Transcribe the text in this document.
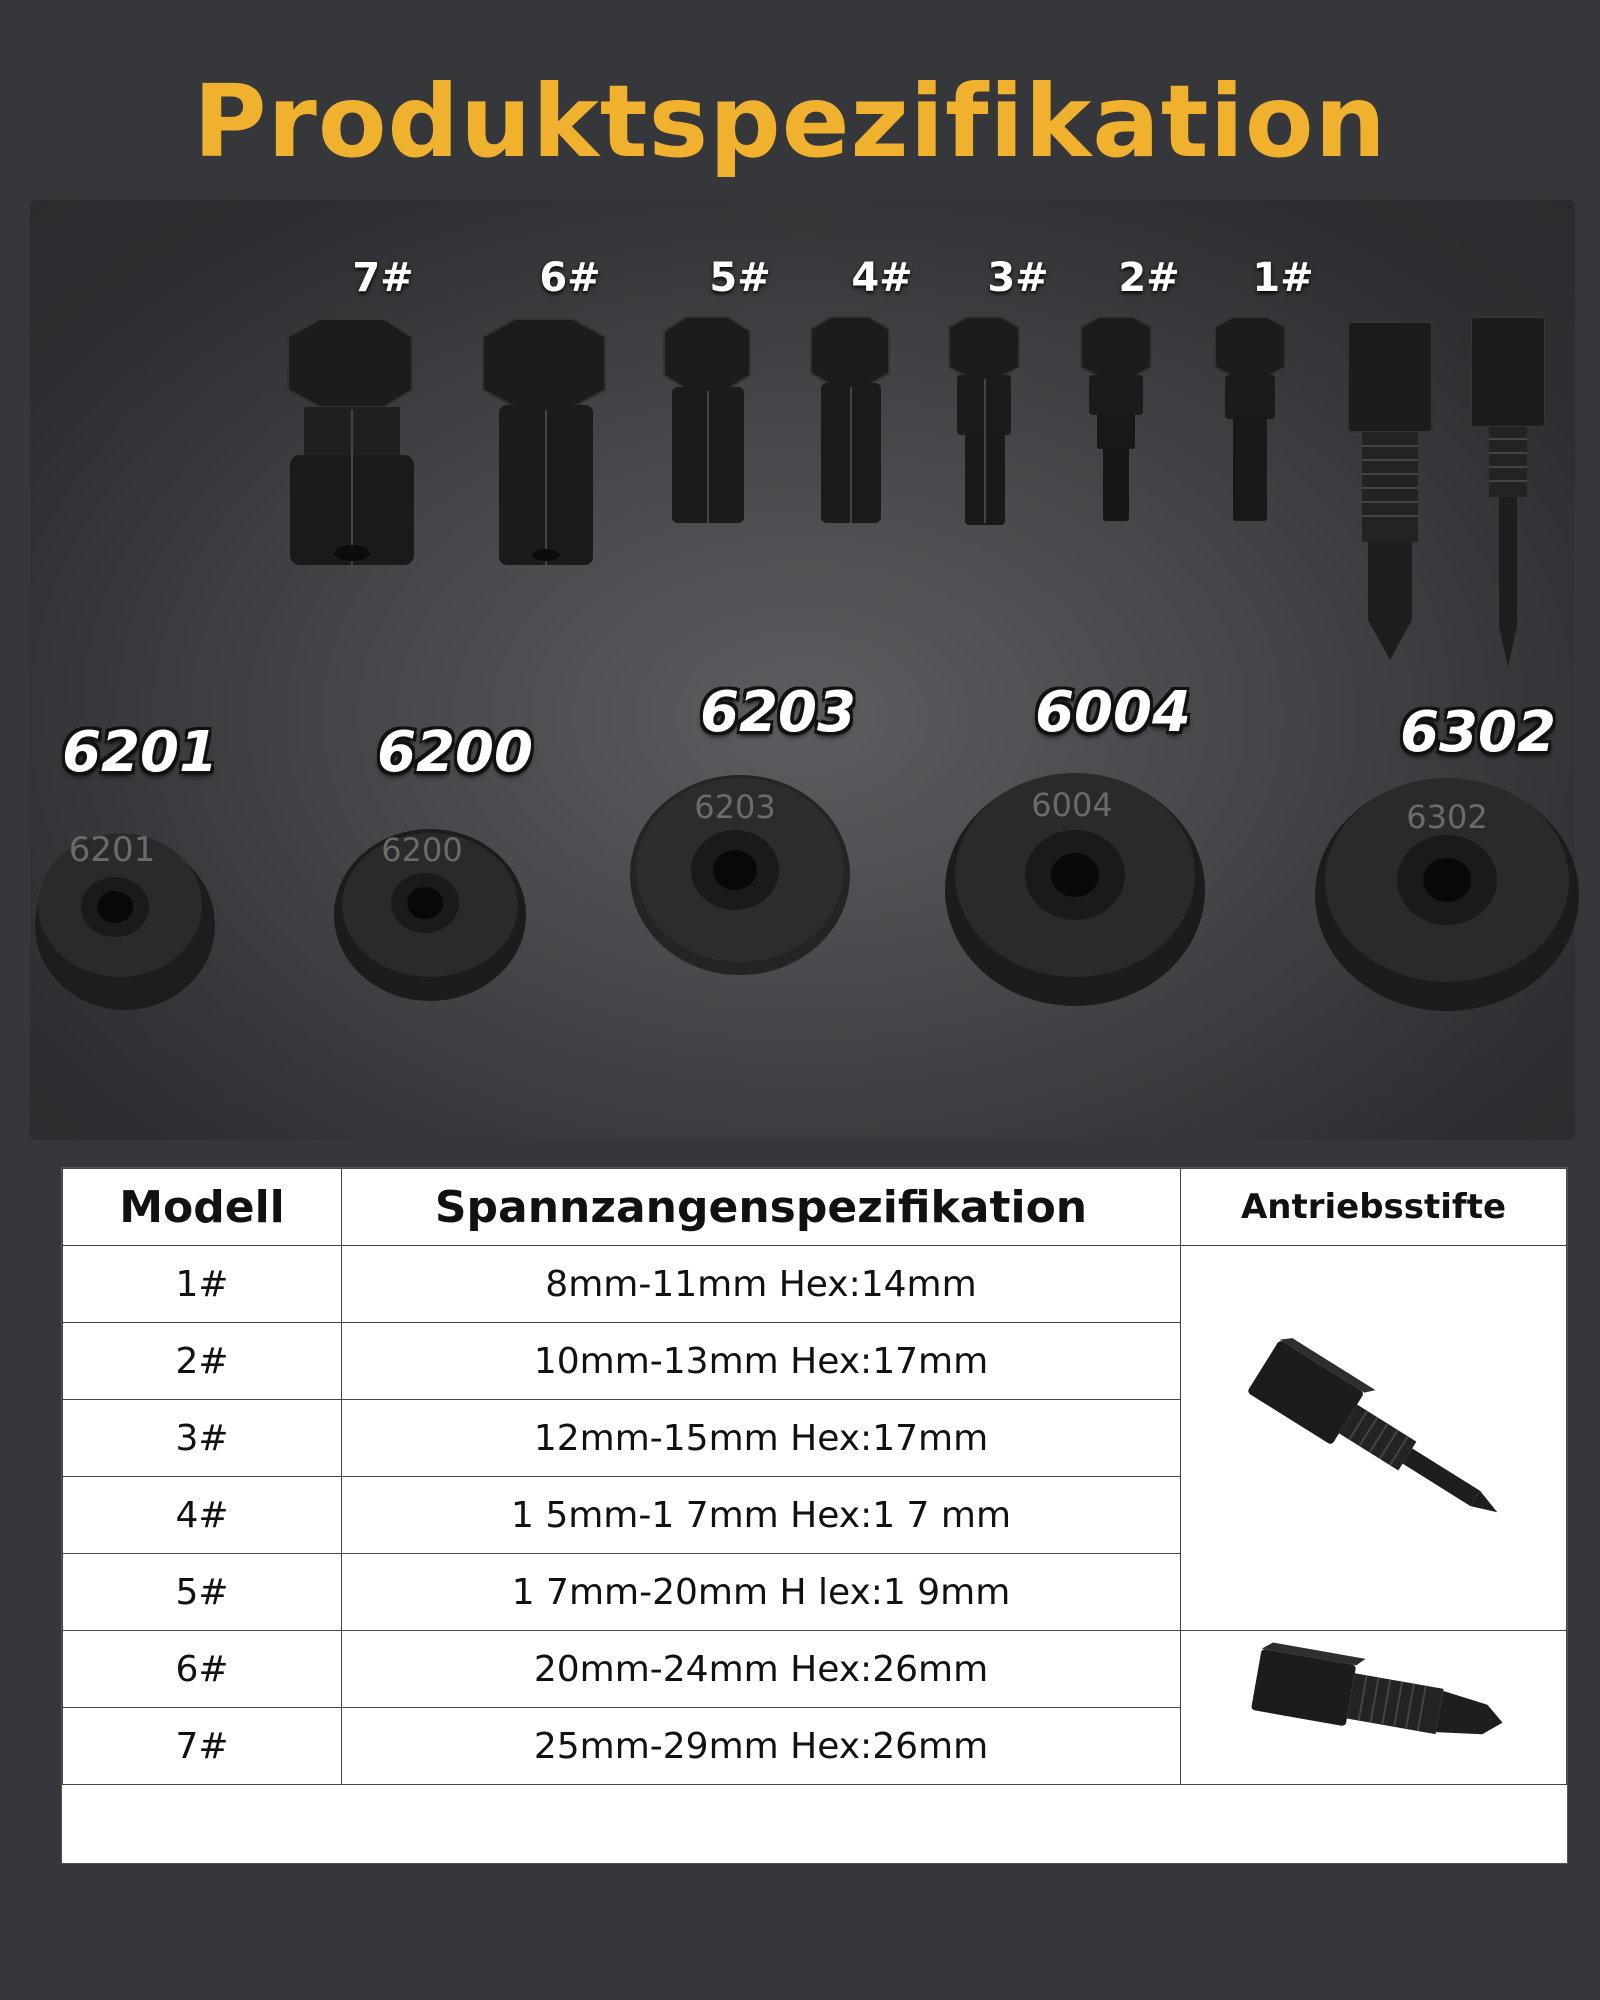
Produktspezifikation
7#	6#	5#	4#	3#	2#	1#
6201	6200
6203	6004	6302
6201	6200
6203	6004	6302
Modell	Spannzangenspezifikation	Antriebsstifte
1#	8mm-11mm Hex:14mm	
2#	10mm-13mm Hex:17mm	
3#	12mm-15mm Hex:17mm	
4#	1 5mm-1 7mm Hex:1 7 mm	
5#	1 7mm-20mm H lex:1 9mm	
6#	20mm-24mm Hex:26mm	
7#	25mm-29mm Hex:26mm	
